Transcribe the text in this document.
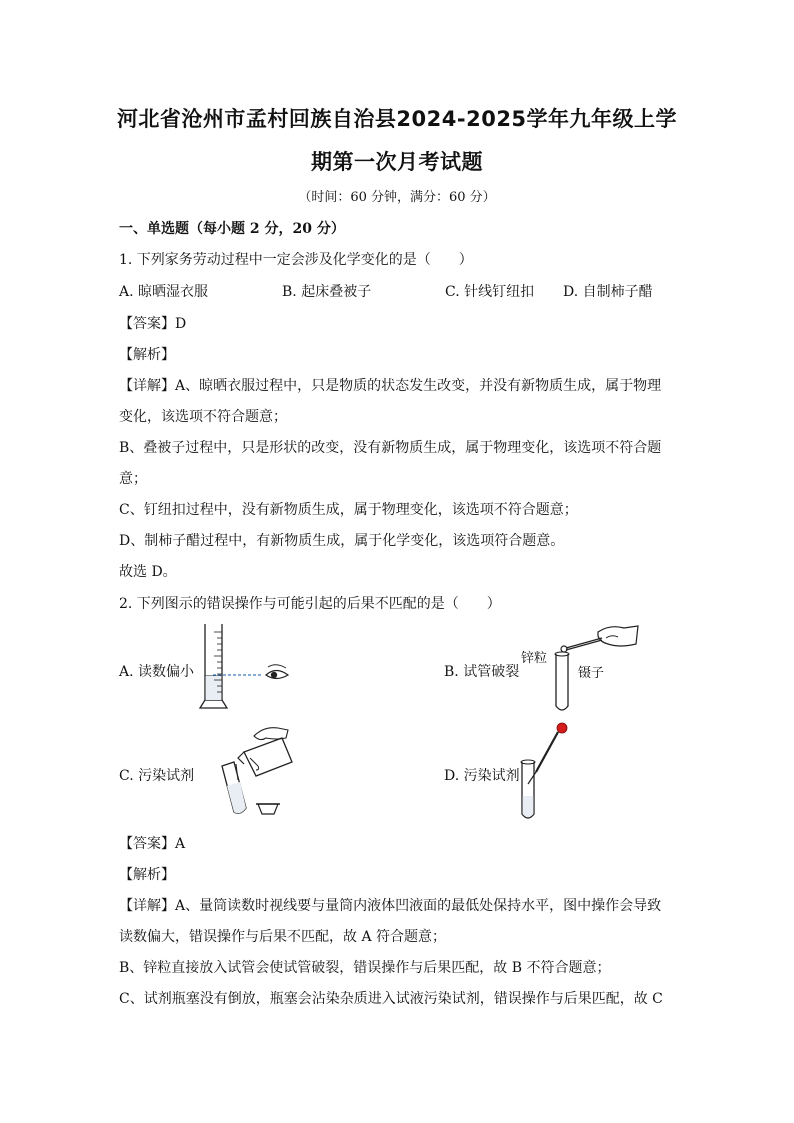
河北省沧州市孟村回族自治县2024-2025学年九年级上学
期第一次月考试题
（时间：60 分钟，满分：60 分）
一、单选题（每小题 2 分，20 分）
1. 下列家务劳动过程中一定会涉及化学变化的是（　　）
A. 晾晒湿衣服	B. 起床叠被子	C. 针线钉纽扣 D. 自制柿子醋
【答案】D
【解析】
【详解】A、晾晒衣服过程中，只是物质的状态发生改变，并没有新物质生成，属于物理
变化，该选项不符合题意；
B、叠被子过程中，只是形状的改变，没有新物质生成，属于物理变化，该选项不符合题
意；
C、钉纽扣过程中，没有新物质生成，属于物理变化，该选项不符合题意；
D、制柿子醋过程中，有新物质生成，属于化学变化，该选项符合题意。
故选 D。
2. 下列图示的错误操作与可能引起的后果不匹配的是（　　）
A. 读数偏小	B. 试管破裂
锌粒
镊子
C. 污染试剂	D. 污染试剂
【答案】A
【解析】
【详解】A、量筒读数时视线要与量筒内液体凹液面的最低处保持水平，图中操作会导致
读数偏大，错误操作与后果不匹配，故 A 符合题意；
B、锌粒直接放入试管会使试管破裂，错误操作与后果匹配，故 B 不符合题意；
C、试剂瓶塞没有倒放，瓶塞会沾染杂质进入试液污染试剂，错误操作与后果匹配，故 C
